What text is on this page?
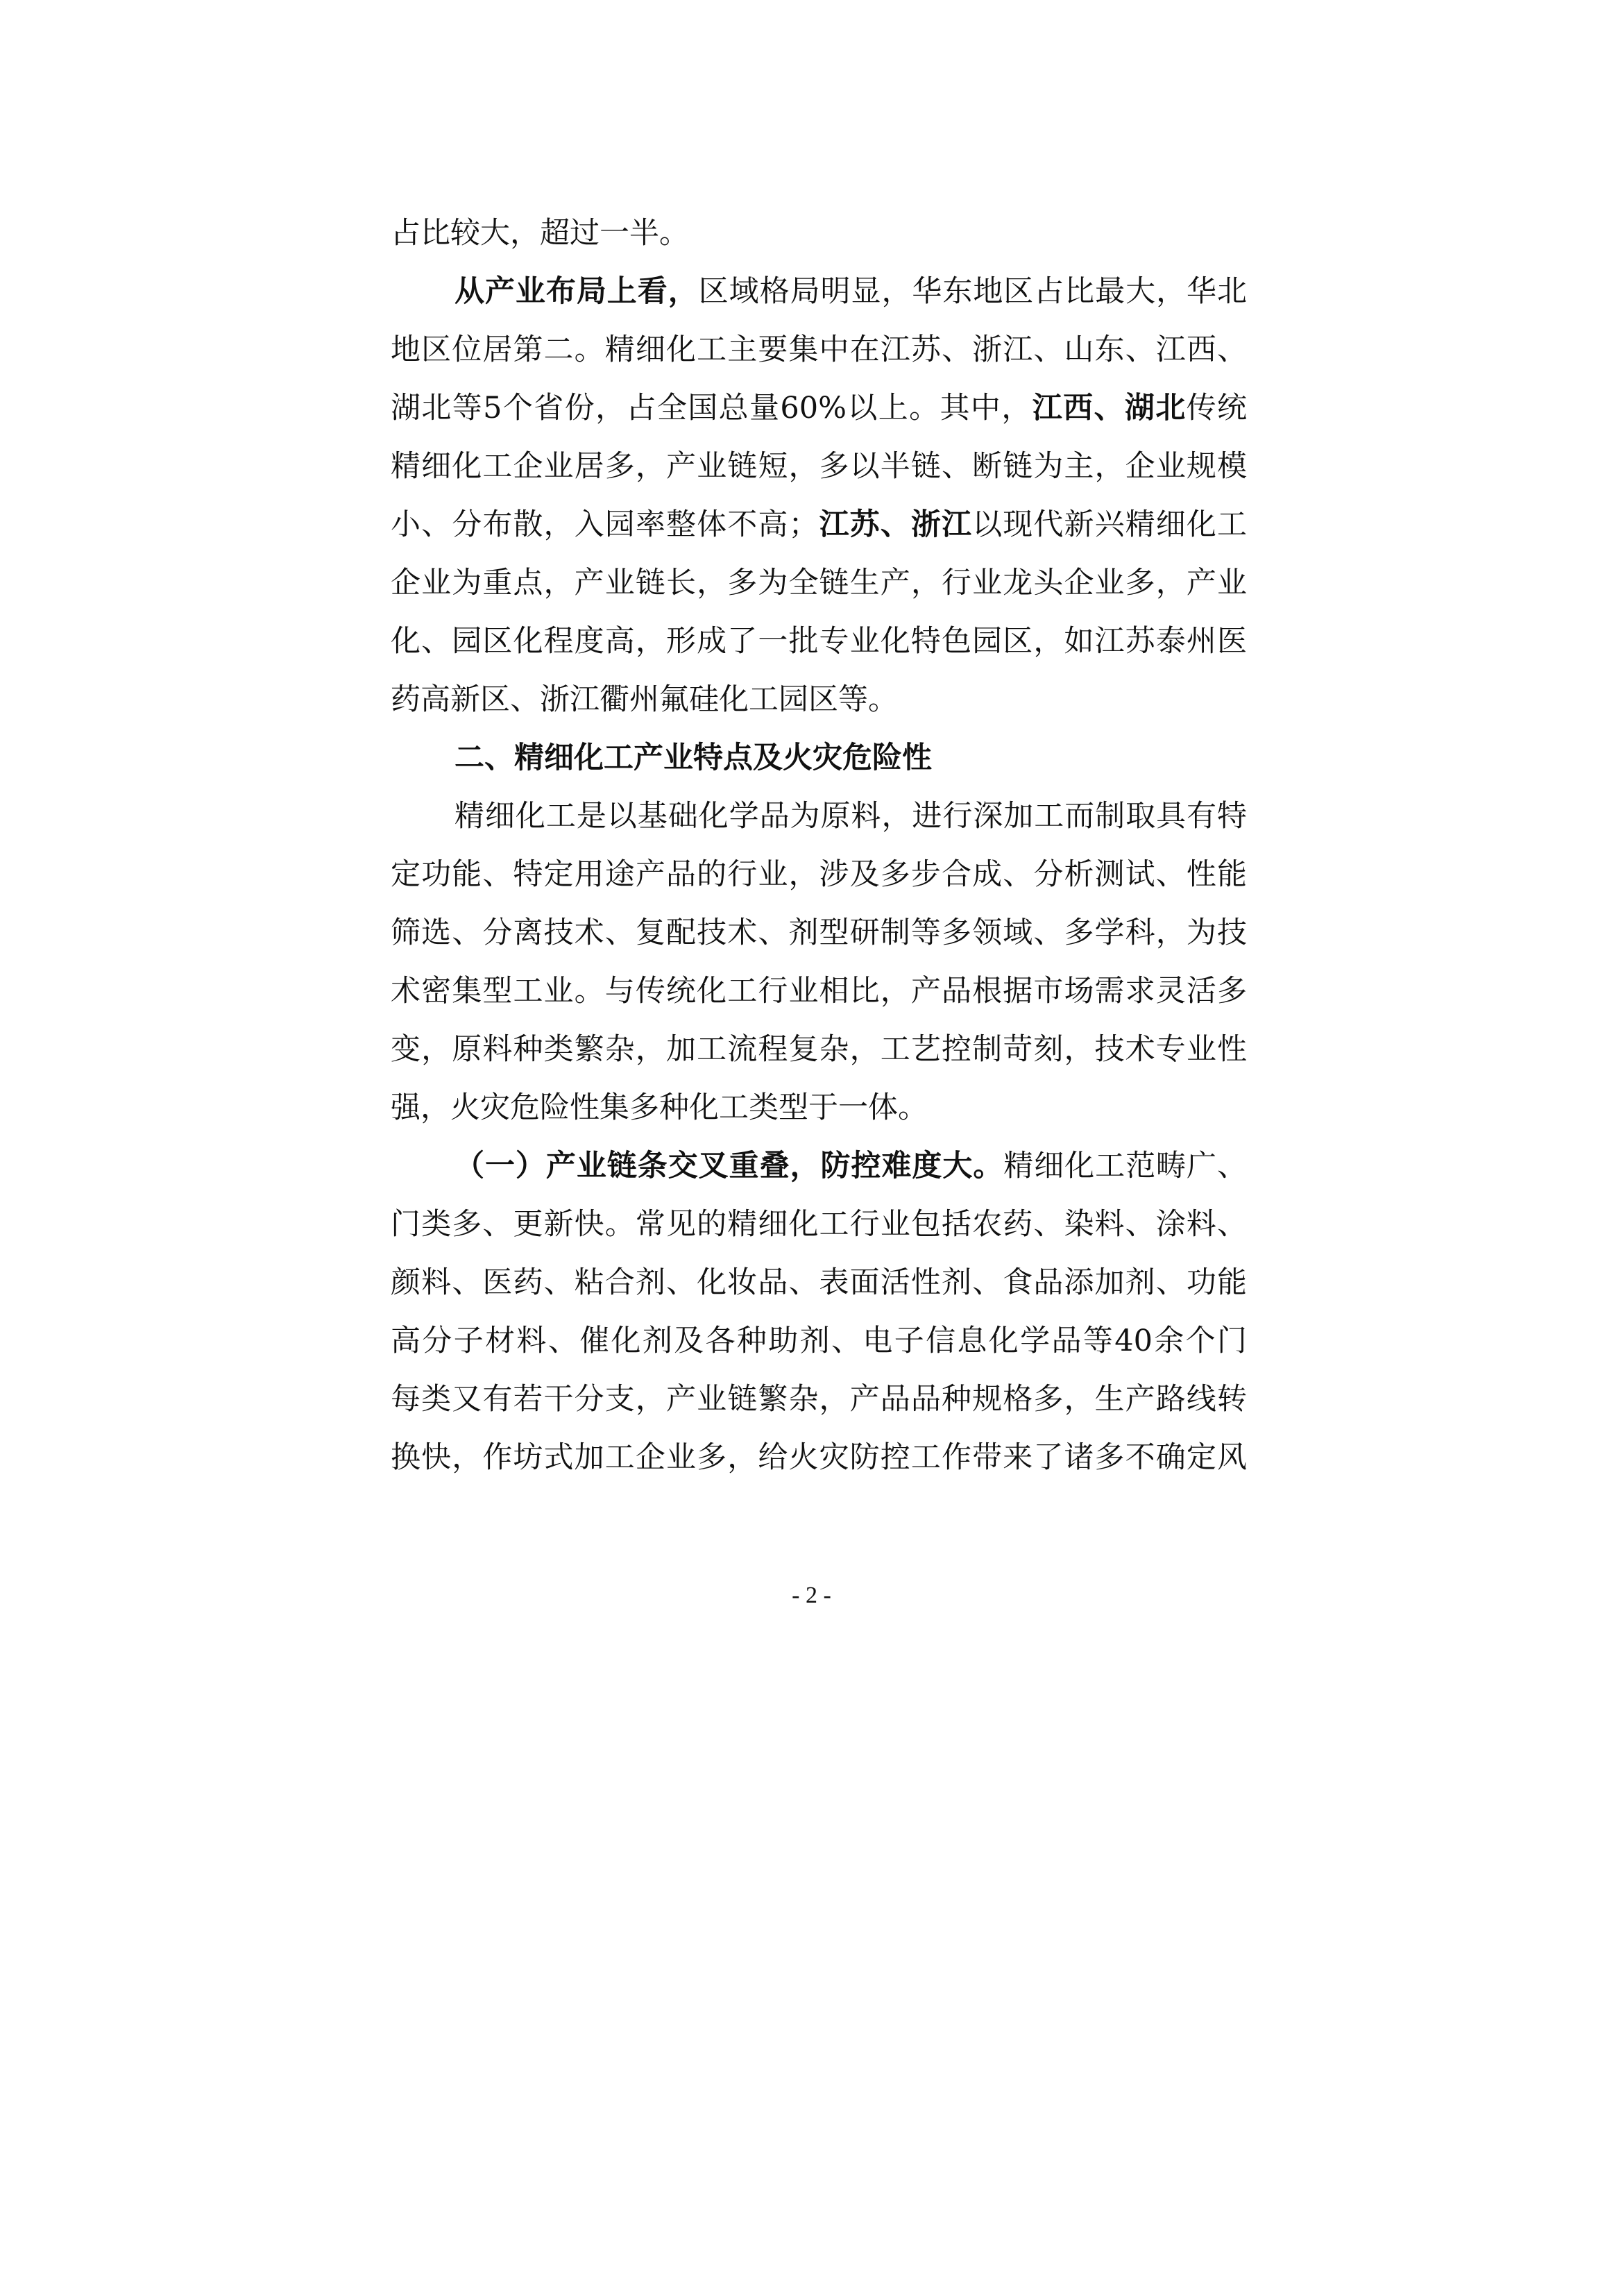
占比较大，超过一半。
从产业布局上看，区域格局明显，华东地区占比最大，华北
地区位居第二。精细化工主要集中在江苏、浙江、山东、江西、
湖北等5个省份，占全国总量60%以上。其中，江西、湖北传统
精细化工企业居多，产业链短，多以半链、断链为主，企业规模
小、分布散，入园率整体不高；江苏、浙江以现代新兴精细化工
企业为重点，产业链长，多为全链生产，行业龙头企业多，产业
化、园区化程度高，形成了一批专业化特色园区，如江苏泰州医
药高新区、浙江衢州氟硅化工园区等。
二、精细化工产业特点及火灾危险性
精细化工是以基础化学品为原料，进行深加工而制取具有特
定功能、特定用途产品的行业，涉及多步合成、分析测试、性能
筛选、分离技术、复配技术、剂型研制等多领域、多学科，为技
术密集型工业。与传统化工行业相比，产品根据市场需求灵活多
变，原料种类繁杂，加工流程复杂，工艺控制苛刻，技术专业性
强，火灾危险性集多种化工类型于一体。
（一）产业链条交叉重叠，防控难度大。精细化工范畴广、
门类多、更新快。常见的精细化工行业包括农药、染料、涂料、
颜料、医药、粘合剂、化妆品、表面活性剂、食品添加剂、功能
高分子材料、催化剂及各种助剂、电子信息化学品等40余个门
每类又有若干分支，产业链繁杂，产品品种规格多，生产路线转
换快，作坊式加工企业多，给火灾防控工作带来了诸多不确定风
- 2 -
